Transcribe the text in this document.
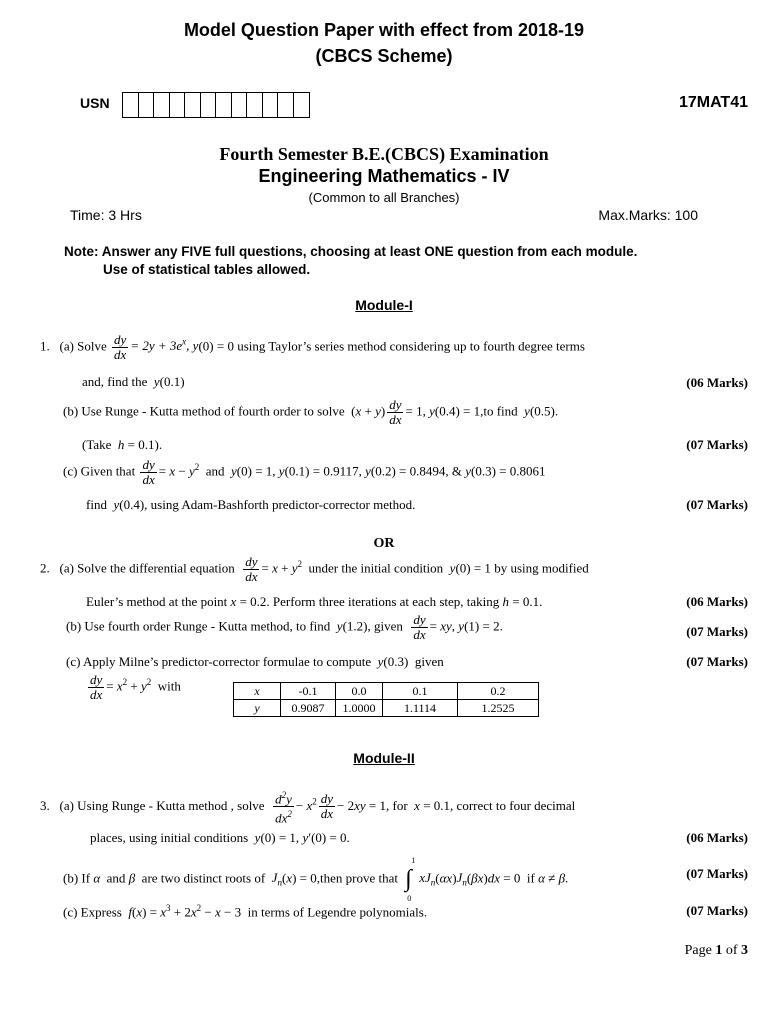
Model Question Paper with effect from 2018-19
(CBCS Scheme)
USN	17MAT41
Fourth Semester B.E.(CBCS) Examination
Engineering Mathematics - IV
(Common to all Branches)
Time: 3 Hrs	Max.Marks: 100
Note: Answer any FIVE full questions, choosing at least ONE question from each module.
Use of statistical tables allowed.
Module-I
1. (a) Solve $\frac{dy}{dx} = 2y + 3e^x$, y(0) = 0 using Taylor’s series method considering up to fourth degree terms
and, find the y(0.1)	(06 Marks)
(b) Use Runge - Kutta method of fourth order to solve  $(x + y) \frac{dy}{dx} = 1$, y(0.4) = 1,to find y(0.5).
(Take h = 0.1).	(07 Marks)
(c) Given that $\frac{dy}{dx} = x - y^2$ and y(0) = 1, y(0.1) = 0.9117, y(0.2) = 0.8494, & y(0.3) = 0.8061
find y(0.4), using Adam-Bashforth predictor-corrector method.	(07 Marks)
OR
2. (a) Solve the differential equation $\frac{dy}{dx} = x + y^2$ under the initial condition y(0) = 1 by using modified
Euler’s method at the point x = 0.2. Perform three iterations at each step, taking h = 0.1.	(06 Marks)
(b) Use fourth order Runge - Kutta method, to find y(1.2), given $\frac{dy}{dx}$ = xy, y(1) = 2.	(07 Marks)
(c) Apply Milne’s predictor-corrector formulae to compute y(0.3)  given	(07 Marks)
$\frac{dy}{dx} = x^2 + y^2$ with	x	-0.1	0.0	0.1	0.2
y	0.9087	1.0000	1.1114	1.2525
Module-II
3. (a) Using Runge - Kutta method , solve $\frac{d^2y}{dx^2} - x^2 \frac{dy}{dx} - 2xy = 1$, for x = 0.1, correct to four decimal
places, using initial conditions y(0) = 1, y′(0) = 0.	(06 Marks)
(b) If α and β are two distinct roots of $J_n(x)$ = 0,then prove that ∫
1
0
$xJ_n(\alpha x)J_n(\beta x)dx = 0$  if α ≠ β.	(07 Marks)
(c) Express $f(x) = x^3 + 2x^2 - x - 3$  in terms of Legendre polynomials.	(07 Marks)
Page 1 of 3
